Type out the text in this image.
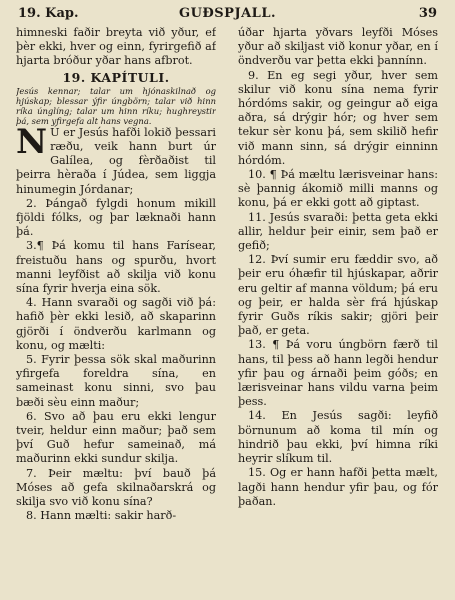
19. Kap.	GUÐSPJALL.	39

himneski faðir breyta við yður, ef þèr ekki, hver og einn, fyrirgefið af hjarta bróður yðar hans afbrot.

19. KAPÍTULI.

Jesús kennar; talar um hjónaskilnað og hjúskap; blessar ýfir úngbörn; talar við hinn ríka únglíng; talar um hinn ríku; hughreystir þá, sem yfirgefa alt hans vegna.

N Ú er Jesús hafði lokið þessari ræðu, veik hann burt úr Galílea, og fèrðaðist til þeirra hèraða í Júdea, sem liggja hinumegin Jórdanar;

2. Þángað fylgdi honum mikill fjöldi fólks, og þar læknaði hann þá.

3.¶ Þá komu til hans Farísear, freistuðu hans og spurðu, hvort manni leyfðist að skilja við konu sína fyrir hverja eina sök.

4. Hann svaraði og sagði við þá: hafið þèr ekki lesið, að skaparinn gjörði í öndverðu karlmann og konu, og mælti:

5. Fyrir þessa sök skal maðurinn yfirgefa foreldra sína, en sameinast konu sinni, svo þau bæði sèu einn maður;

6. Svo að þau eru ekki lengur tveir, heldur einn maður; það sem því Guð hefur sameinað, má maðurinn ekki sundur skilja.

7. Þeir mæltu: því bauð þá Móses að gefa skilnaðarskrá og skilja svo við konu sína?

8. Hann mælti: sakir harð-

úðar hjarta yðvars leyfði Móses yður að skiljast við konur yðar, en í öndverðu var þetta ekki þannínn.

9. En eg segi yður, hver sem skilur við konu sína nema fyrir hórdóms sakir, og geingur að eiga aðra, sá drýgir hór; og hver sem tekur sèr konu þá, sem skilið hefir við mann sinn, sá drýgir einninn hórdóm.

10. ¶ Þá mæltu lærisveinar hans: sè þannig ákomið milli manns og konu, þá er ekki gott að giptast.

11. Jesús svaraði: þetta geta ekki allir, heldur þeir einir, sem það er gefið;

12. Því sumir eru fæddir svo, að þeir eru óhæfir til hjúskapar, aðrir eru geltir af manna völdum; þá eru og þeir, er halda sèr frá hjúskap fyrir Guðs ríkis sakir; gjöri þeir það, er geta.

13. ¶ Þá voru úngbörn færð til hans, til þess að hann legði hendur yfir þau og árnaði þeim góðs; en lærisveinar hans vildu varna þeim þess.

14. En Jesús sagði: leyfið börnunum að koma til mín og hindrið þau ekki, því himna ríki heyrir slíkum til.

15. Og er hann hafði þetta mælt, lagði hann hendur yfir þau, og fór þaðan.
